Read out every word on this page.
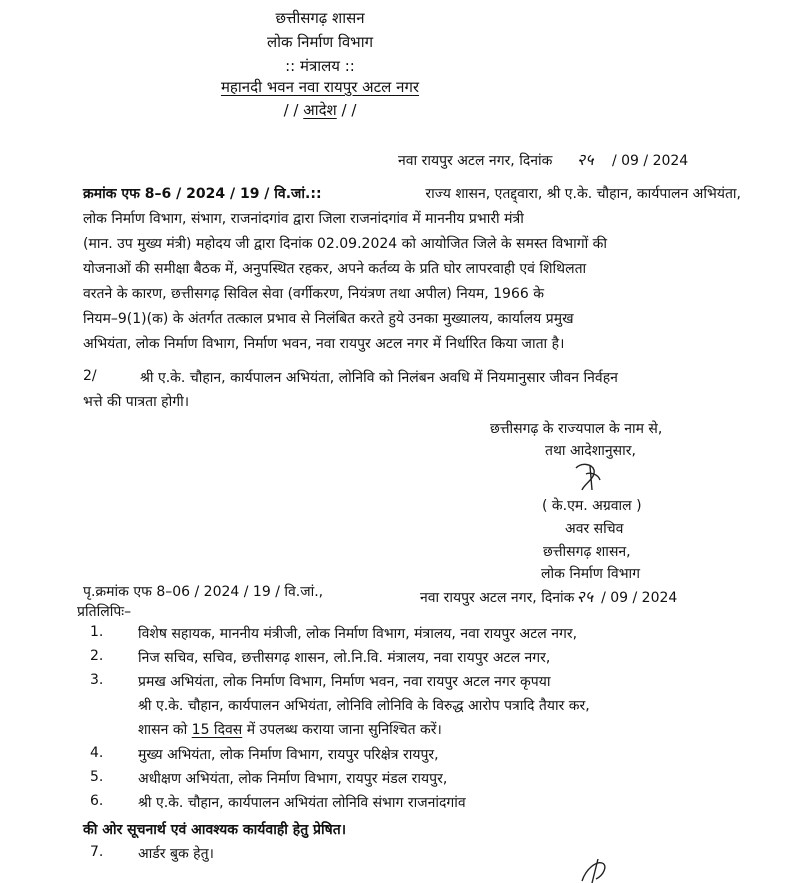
छत्तीसगढ़ शासन
लोक निर्माण विभाग
:: मंत्रालय ::
महानदी भवन नवा रायपुर अटल नगर
/ / आदेश / /
नवा रायपुर अटल नगर, दिनांक २५ / 09 / 2024
क्रमांक एफ 8–6 / 2024 / 19 / वि.जां.::	राज्य शासन, एतद्द्वारा, श्री ए.के. चौहान, कार्यपालन अभियंता,
लोक निर्माण विभाग, संभाग, राजनांदगांव द्वारा जिला राजनांदगांव में माननीय प्रभारी मंत्री
(मान. उप मुख्य मंत्री) महोदय जी द्वारा दिनांक 02.09.2024 को आयोजित जिले के समस्त विभागों की
योजनाओं की समीक्षा बैठक में, अनुपस्थित रहकर, अपने कर्तव्य के प्रति घोर लापरवाही एवं शिथिलता
वरतने के कारण, छत्तीसगढ़ सिविल सेवा (वर्गीकरण, नियंत्रण तथा अपील) नियम, 1966 के
नियम–9(1)(क) के अंतर्गत तत्काल प्रभाव से निलंबित करते हुये उनका मुख्यालय, कार्यालय प्रमुख
अभियंता, लोक निर्माण विभाग, निर्माण भवन, नवा रायपुर अटल नगर में निर्धारित किया जाता है।
2/	श्री ए.के. चौहान, कार्यपालन अभियंता, लोनिवि को निलंबन अवधि में नियमानुसार जीवन निर्वहन
भत्ते की पात्रता होगी।
छत्तीसगढ़ के राज्यपाल के नाम से,
तथा आदेशानुसार,
( के.एम. अग्रवाल )
अवर सचिव
छत्तीसगढ़ शासन,
लोक निर्माण विभाग
पृ.क्रमांक एफ 8–06 / 2024 / 19 / वि.जां.,	नवा रायपुर अटल नगर, दिनांक २५ / 09 / 2024
प्रतिलिपिः–
1. विशेष सहायक, माननीय मंत्रीजी, लोक निर्माण विभाग, मंत्रालय, नवा रायपुर अटल नगर,
2. निज सचिव, सचिव, छत्तीसगढ़ शासन, लो.नि.वि. मंत्रालय, नवा रायपुर अटल नगर,
3. प्रमख अभियंता, लोक निर्माण विभाग, निर्माण भवन, नवा रायपुर अटल नगर कृपया
श्री ए.के. चौहान, कार्यपालन अभियंता, लोनिवि लोनिवि के विरुद्ध आरोप पत्रादि तैयार कर,
शासन को 15 दिवस में उपलब्ध कराया जाना सुनिश्चित करें।
4. मुख्य अभियंता, लोक निर्माण विभाग, रायपुर परिक्षेत्र रायपुर,
5. अधीक्षण अभियंता, लोक निर्माण विभाग, रायपुर मंडल रायपुर,
6. श्री ए.के. चौहान, कार्यपालन अभियंता लोनिवि संभाग राजनांदगांव
की ओर सूचनार्थ एवं आवश्यक कार्यवाही हेतु प्रेषित।
7. आर्डर बुक हेतु।
